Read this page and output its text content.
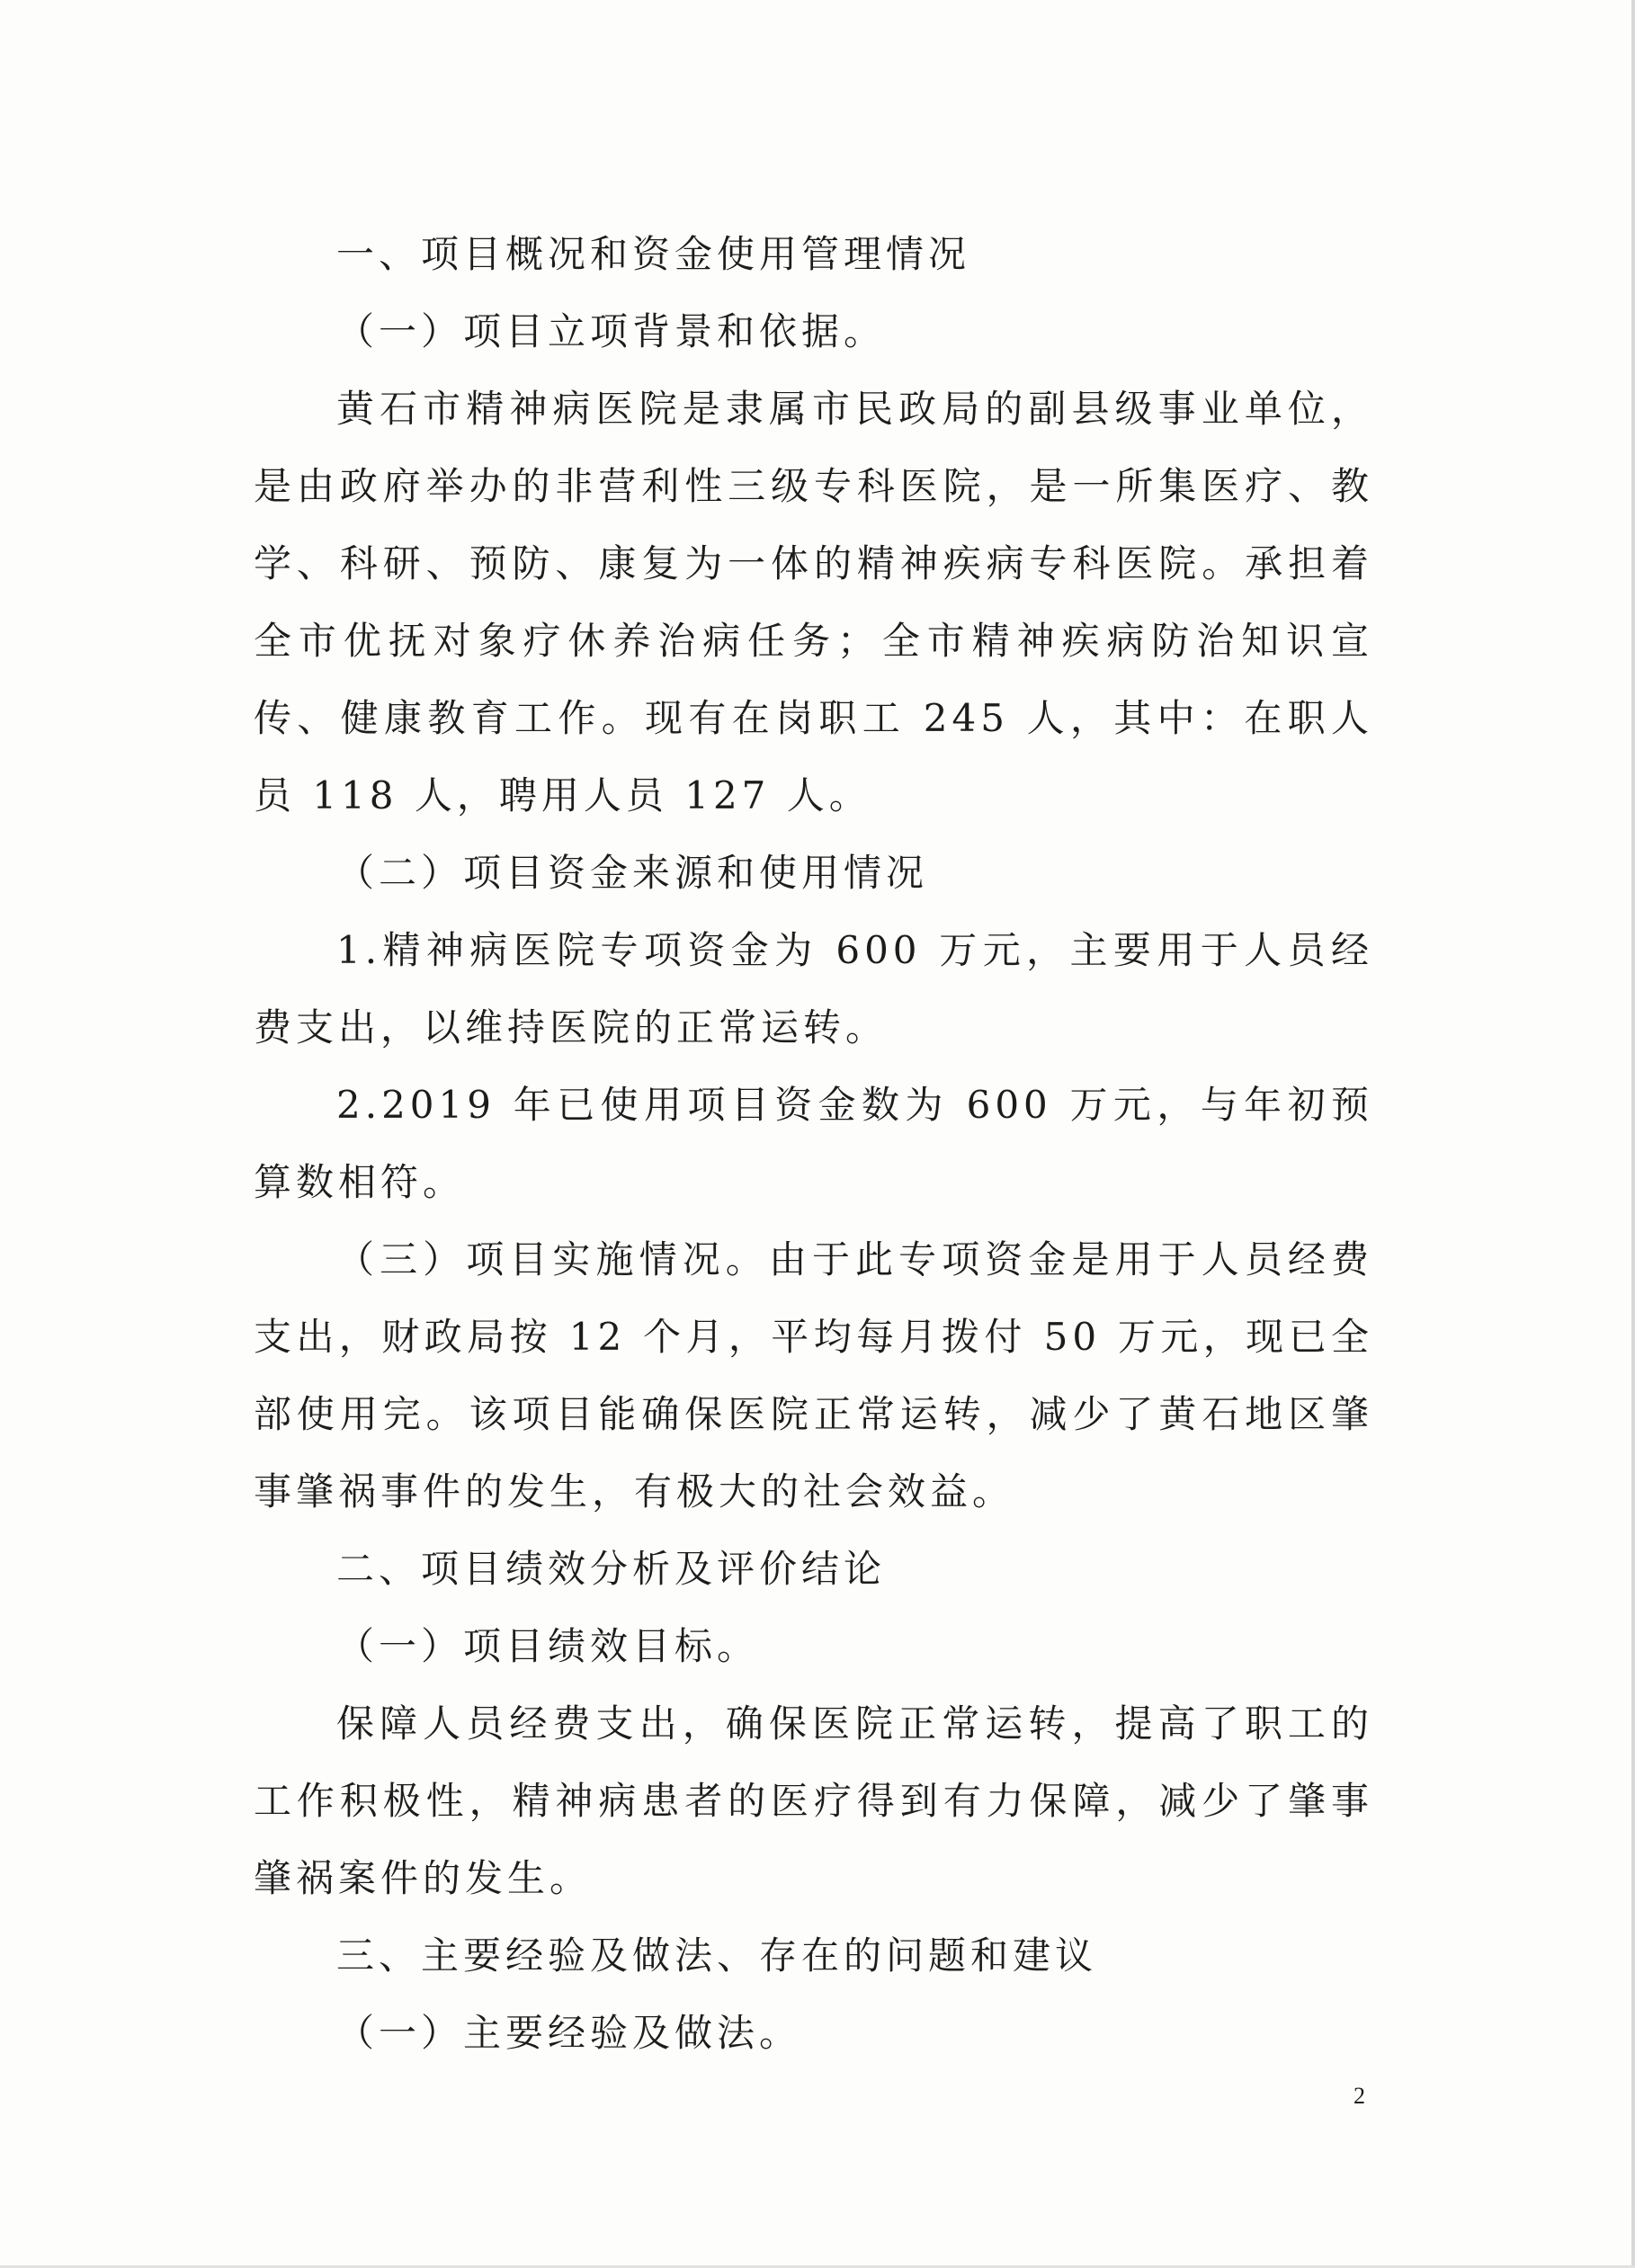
一、项目概况和资金使用管理情况

（一）项目立项背景和依据。

黄石市精神病医院是隶属市民政局的副县级事业单位，是由政府举办的非营利性三级专科医院，是一所集医疗、教学、科研、预防、康复为一体的精神疾病专科医院。承担着全市优抚对象疗休养治病任务；全市精神疾病防治知识宣传、健康教育工作。现有在岗职工 245 人，其中：在职人员 118 人，聘用人员 127 人。

（二）项目资金来源和使用情况

1.精神病医院专项资金为 600 万元，主要用于人员经费支出，以维持医院的正常运转。

2.2019 年已使用项目资金数为 600 万元，与年初预算数相符。

（三）项目实施情况。由于此专项资金是用于人员经费支出，财政局按 12 个月，平均每月拨付 50 万元，现已全部使用完。该项目能确保医院正常运转，减少了黄石地区肇事肇祸事件的发生，有极大的社会效益。

二、项目绩效分析及评价结论

（一）项目绩效目标。

保障人员经费支出，确保医院正常运转，提高了职工的工作积极性，精神病患者的医疗得到有力保障，减少了肇事肇祸案件的发生。

三、主要经验及做法、存在的问题和建议

（一）主要经验及做法。

2
